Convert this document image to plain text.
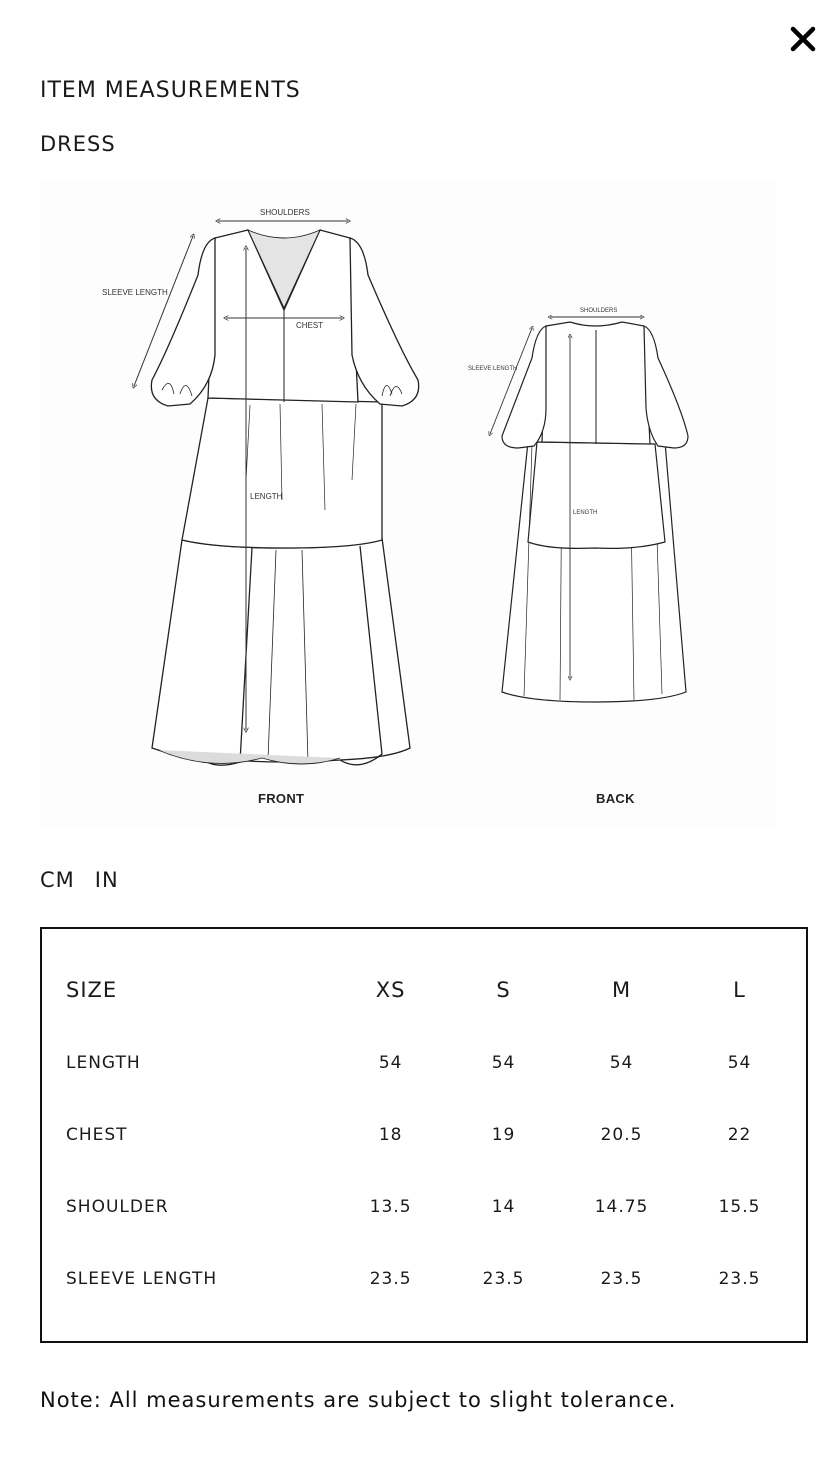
ITEM MEASUREMENTS
DRESS
SHOULDERS
SLEEVE LENGTH
CHEST
LENGTH
SHOULDERS
SLEEVE LENGTH
LENGTH
FRONT	BACK
CM IN
SIZE	XS	S	M	L
LENGTH	54	54	54	54
CHEST	18	19	20.5	22
SHOULDER	13.5	14	14.75	15.5
SLEEVE LENGTH	23.5	23.5	23.5	23.5
Note: All measurements are subject to slight tolerance.
